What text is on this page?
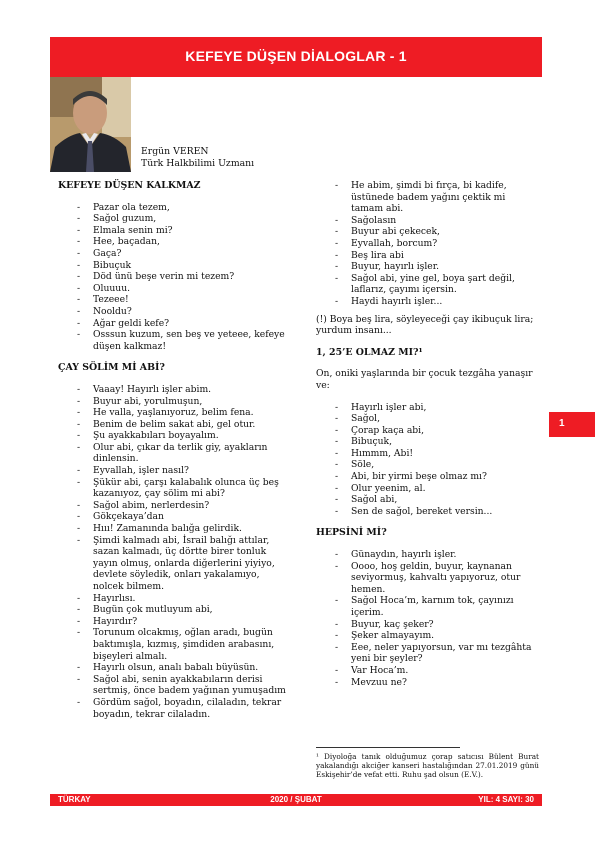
KEFEYE DÜŞEN DİALOGLAR - 1
Ergün VEREN
Türk Halkbilimi Uzmanı
KEFEYE DÜŞEN KALKMAZ
- Pazar ola tezem,
- Sağol guzum,
- Elmala senin mi?
- Hee, baçadan,
- Gaça?
- Bibuçuk
- Död ünü beşe verin mi tezem?
- Oluuuu.
- Tezeee!
- Nooldu?
- Ağar geldi kefe?
- Osssun kuzum, sen beş ve yeteee, kefeye düşen kalkmaz!
ÇAY SÖLİM Mİ ABİ?
- Vaaay! Hayırlı işler abim.
- Buyur abi, yorulmuşun,
- He valla, yaşlanıyoruz, belim fena.
- Benim de belim sakat abi, gel otur.
- Şu ayakkabıları boyayalım.
- Olur abi, çıkar da terlik giy, ayakların dinlensin.
- Eyvallah, işler nasıl?
- Şükür abi, çarşı kalabalık olunca üç beş kazanıyoz, çay sölim mi abi?
- Sağol abim, nerlerdesin?
- Gökçekaya’dan
- Hııı! Zamanında balığa gelirdik.
- Şimdi kalmadı abi, İsrail balığı attılar, sazan kalmadı, üç dörtte birer tonluk yayın olmuş, onlarda diğerlerini yiyiyo, devlete söyledik, onları yakalamıyo, nolcek bilmem.
- Hayırlısı.
- Bugün çok mutluyum abi,
- Hayırdır?
- Torunum olcakmış, oğlan aradı, bugün baktımışla, kızmış, şimdiden arabasını, bişeyleri almalı.
- Hayırlı olsun, analı babalı büyüsün.
- Sağol abi, senin ayakkabıların derisi sertmiş, önce badem yağınan yumuşadım
- Gördüm sağol, boyadın, cilaladın, tekrar boyadın, tekrar cilaladın.
- He abim, şimdi bi fırça, bi kadife, üstünede badem yağını çektik mi tamam abi.
- Sağolasın
- Buyur abi çekecek,
- Eyvallah, borcum?
- Beş lira abi
- Buyur, hayırlı işler.
- Sağol abi, yine gel, boya şart değil, laflarız, çayımı içersin.
- Haydi hayırlı işler...

(!) Boya beş lira, söyleyeceği çay ikibuçuk lira; yurdum insanı...

1, 25’E OLMAZ MI?¹

On, oniki yaşlarında bir çocuk tezgâha yanaşır ve:

- Hayırlı işler abi,
- Sağol,
- Çorap kaça abi,
- Bibuçuk,
- Hımmm, Abi!
- Söle,
- Abi, bir yirmi beşe olmaz mı?
- Olur yeenim, al.
- Sağol abi,
- Sen de sağol, bereket versin...
HEPSİNİ Mİ?
- Günaydın, hayırlı işler.
- Oooo, hoş geldin, buyur, kaynanan seviyormuş, kahvaltı yapıyoruz, otur hemen.
- Sağol Hoca’m, karnım tok, çayınızı içerim.
- Buyur, kaç şeker?
- Şeker almayayım.
- Eee, neler yapıyorsun, var mı tezgâhta yeni bir şeyler?
- Var Hoca’m.
- Mevzuu ne?
1
¹ Diyoloğa tanık olduğumuz çorap satıcısı Bülent Burat yakalandığı akciğer kanseri hastalığından 27.01.2019 günü Eskişehir’de vefat etti. Ruhu şad olsun (E.V.).
TÜRKAY	2020 / ŞUBAT	YIL: 4 SAYI: 30
